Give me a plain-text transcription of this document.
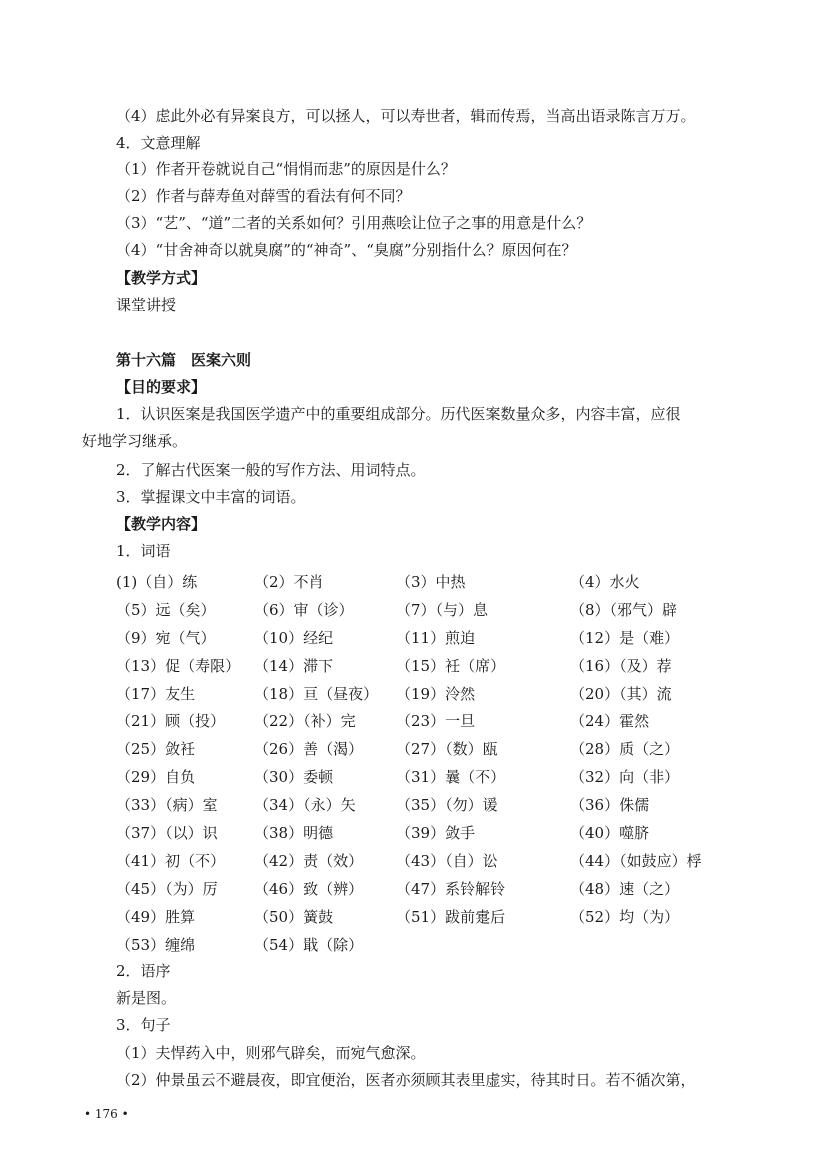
（4）虑此外必有异案良方，可以拯人，可以寿世者，辑而传焉，当高出语录陈言万万。
4．文意理解
（1）作者开卷就说自己“悁悁而悲”的原因是什么？
（2）作者与薛寿鱼对薛雪的看法有何不同？
（3）“艺”、“道”二者的关系如何？引用燕哙让位子之事的用意是什么？
（4）“甘舍神奇以就臭腐”的“神奇”、“臭腐”分别指什么？原因何在？
【教学方式】
课堂讲授
第十六篇　医案六则
【目的要求】
1．认识医案是我国医学遗产中的重要组成部分。历代医案数量众多，内容丰富，应很
好地学习继承。
2．了解古代医案一般的写作方法、用词特点。
3．掌握课文中丰富的词语。
【教学内容】
1．词语
(1)（自）练	（2）不肖	（3）中热	（4）水火
（5）远（矣）	（6）审（诊）	（7）（与）息	（8）（邪气）辟
（9）宛（气）	（10）经纪	（11）煎迫	（12）是（难）
（13）促（寿限） （14）滞下	（15）衽（席）	（16）（及）荐
（17）友生	（18）亘（昼夜） （19）泠然	（20）（其）流
（21）顾（投） （22）（补）完	（23）一旦	（24）霍然
（25）敛衽	（26）善（渴） （27）（数）瓯	（28）质（之）
（29）自负	（30）委顿	（31）曩（不）	（32）向（非）
（33）（病）室 （34）（永）矢	（35）（勿）谖	（36）侏儒
（37）（以）识 （38）明德	（39）敛手	（40）噬脐
（41）初（不） （42）责（效） （43）（自）讼	（44）（如鼓应）桴
（45）（为）厉 （46）致（辨） （47）系铃解铃	（48）速（之）
（49）胜算	（50）簧鼓	（51）跋前疐后	（52）均（为）
（53）缠绵	（54）戢（除）
2．语序
新是图。
3．句子
（1）夫悍药入中，则邪气辟矣，而宛气愈深。
（2）仲景虽云不避晨夜，即宜便治，医者亦须顾其表里虚实，待其时日。若不循次第，
• 176 •
